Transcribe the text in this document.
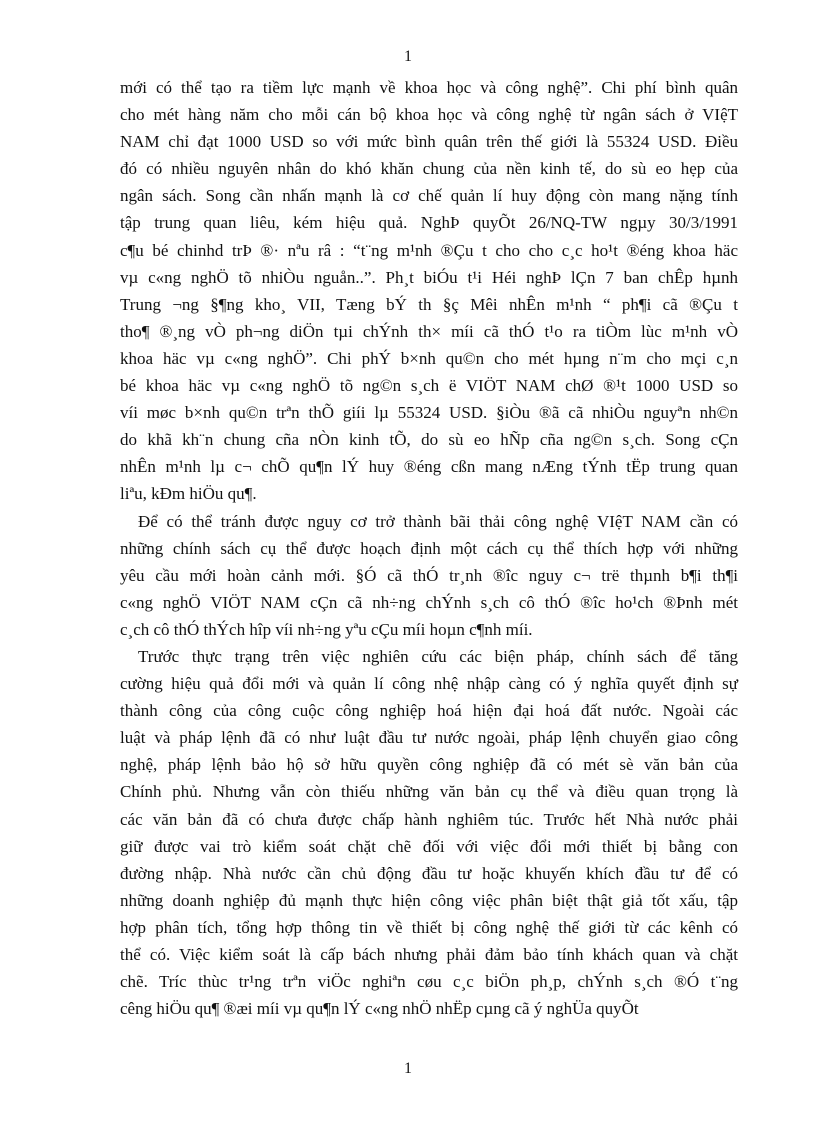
1
mới có thể tạo ra tiềm lực mạnh về khoa học và công nghệ”. Chi phí bình quân
cho mét hàng năm cho mỗi cán bộ khoa học và công nghệ từ ngân sách ở VIệT
NAM chỉ đạt 1000 USD so với mức bình quân trên thế giới là 55324 USD. Điều
đó có nhiều nguyên nhân do khó khăn chung của nền kinh tế, do sù eo hẹp của
ngân sách. Song cần nhấn mạnh là cơ chế quản lí huy động còn mang nặng tính
tập trung quan liêu, kém hiệu quả. NghÞ quyÕt 26/NQ-TW ngµy 30/3/1991
c¶u bé chinhd trÞ ®· nªu râ : “t¨ng m¹nh ®Çu t cho cho c¸c ho¹t ®éng khoa häc
vµ c«ng nghÖ tõ nhiÒu nguån..”. Ph¸t biÓu t¹i Héi nghÞ lÇn 7 ban chÊp hµnh
Trung ¬ng §¶ng kho¸ VII, Tæng bÝ th §ç Mêi nhÊn m¹nh “ ph¶i cã ®Çu t
tho¶ ®¸ng vÒ ph¬ng diÖn tµi chÝnh th× míi cã thÓ t¹o ra tiÒm lùc m¹nh vÒ
khoa häc vµ c«ng nghÖ”. Chi phÝ b×nh qu©n cho mét hµng n¨m cho mçi c¸n
bé khoa häc vµ c«ng nghÖ tõ ng©n s¸ch ë VIÖT NAM chØ ®¹t 1000 USD so
víi møc b×nh qu©n trªn thÕ giíi lµ 55324 USD. §iÒu ®ã cã nhiÒu nguyªn nh©n
do khã kh¨n chung cña nÒn kinh tÕ, do sù eo hÑp cña ng©n s¸ch. Song cÇn
nhÊn m¹nh lµ c¬ chÕ qu¶n lÝ huy ®éng cßn mang nÆng tÝnh tËp trung quan
liªu, kÐm hiÖu qu¶.
Để có thể tránh được nguy cơ trở thành bãi thải công nghệ VIệT NAM cần có
những chính sách cụ thể được hoạch định một cách cụ thể thích hợp với những
yêu cầu mới hoàn cảnh mới. §Ó cã thÓ tr¸nh ®îc nguy c¬ trë thµnh b¶i th¶i
c«ng nghÖ VIÖT NAM cÇn cã nh÷ng chÝnh s¸ch cô thÓ ®îc ho¹ch ®Þnh mét
c¸ch cô thÓ thÝch hîp víi nh÷ng yªu cÇu míi hoµn c¶nh míi.
Trước thực trạng trên việc nghiên cứu các biện pháp, chính sách để tăng
cường hiệu quả đổi mới và quản lí công nhệ nhập càng có ý nghĩa quyết định sự
thành công của công cuộc công nghiệp hoá hiện đại hoá đất nước. Ngoài các
luật và pháp lệnh đã có như luật đầu tư nước ngoài, pháp lệnh chuyển giao công
nghệ, pháp lệnh bảo hộ sở hữu quyền công nghiệp đã có mét sè văn bản của
Chính phủ. Nhưng vẫn còn thiếu những văn bản cụ thể và điều quan trọng là
các văn bản đã có chưa được chấp hành nghiêm túc. Trước hết Nhà nước phải
giữ được vai trò kiểm soát chặt chẽ đối với việc đổi mới thiết bị bằng con
đường nhập. Nhà nước cần chủ động đầu tư hoặc khuyến khích đầu tư để có
những doanh nghiệp đủ mạnh thực hiện công việc phân biệt thật giả tốt xấu, tập
hợp phân tích, tổng hợp thông tin về thiết bị công nghệ thế giới từ các kênh có
thể có. Việc kiểm soát là cấp bách nhưng phải đảm bảo tính khách quan và chặt
chẽ. Tríc thùc tr¹ng trªn viÖc nghiªn cøu c¸c biÖn ph¸p, chÝnh s¸ch ®Ó t¨ng
cêng hiÖu qu¶ ®æi míi vµ qu¶n lÝ c«ng nhÖ nhËp cµng cã ý nghÜa quyÕt
1
